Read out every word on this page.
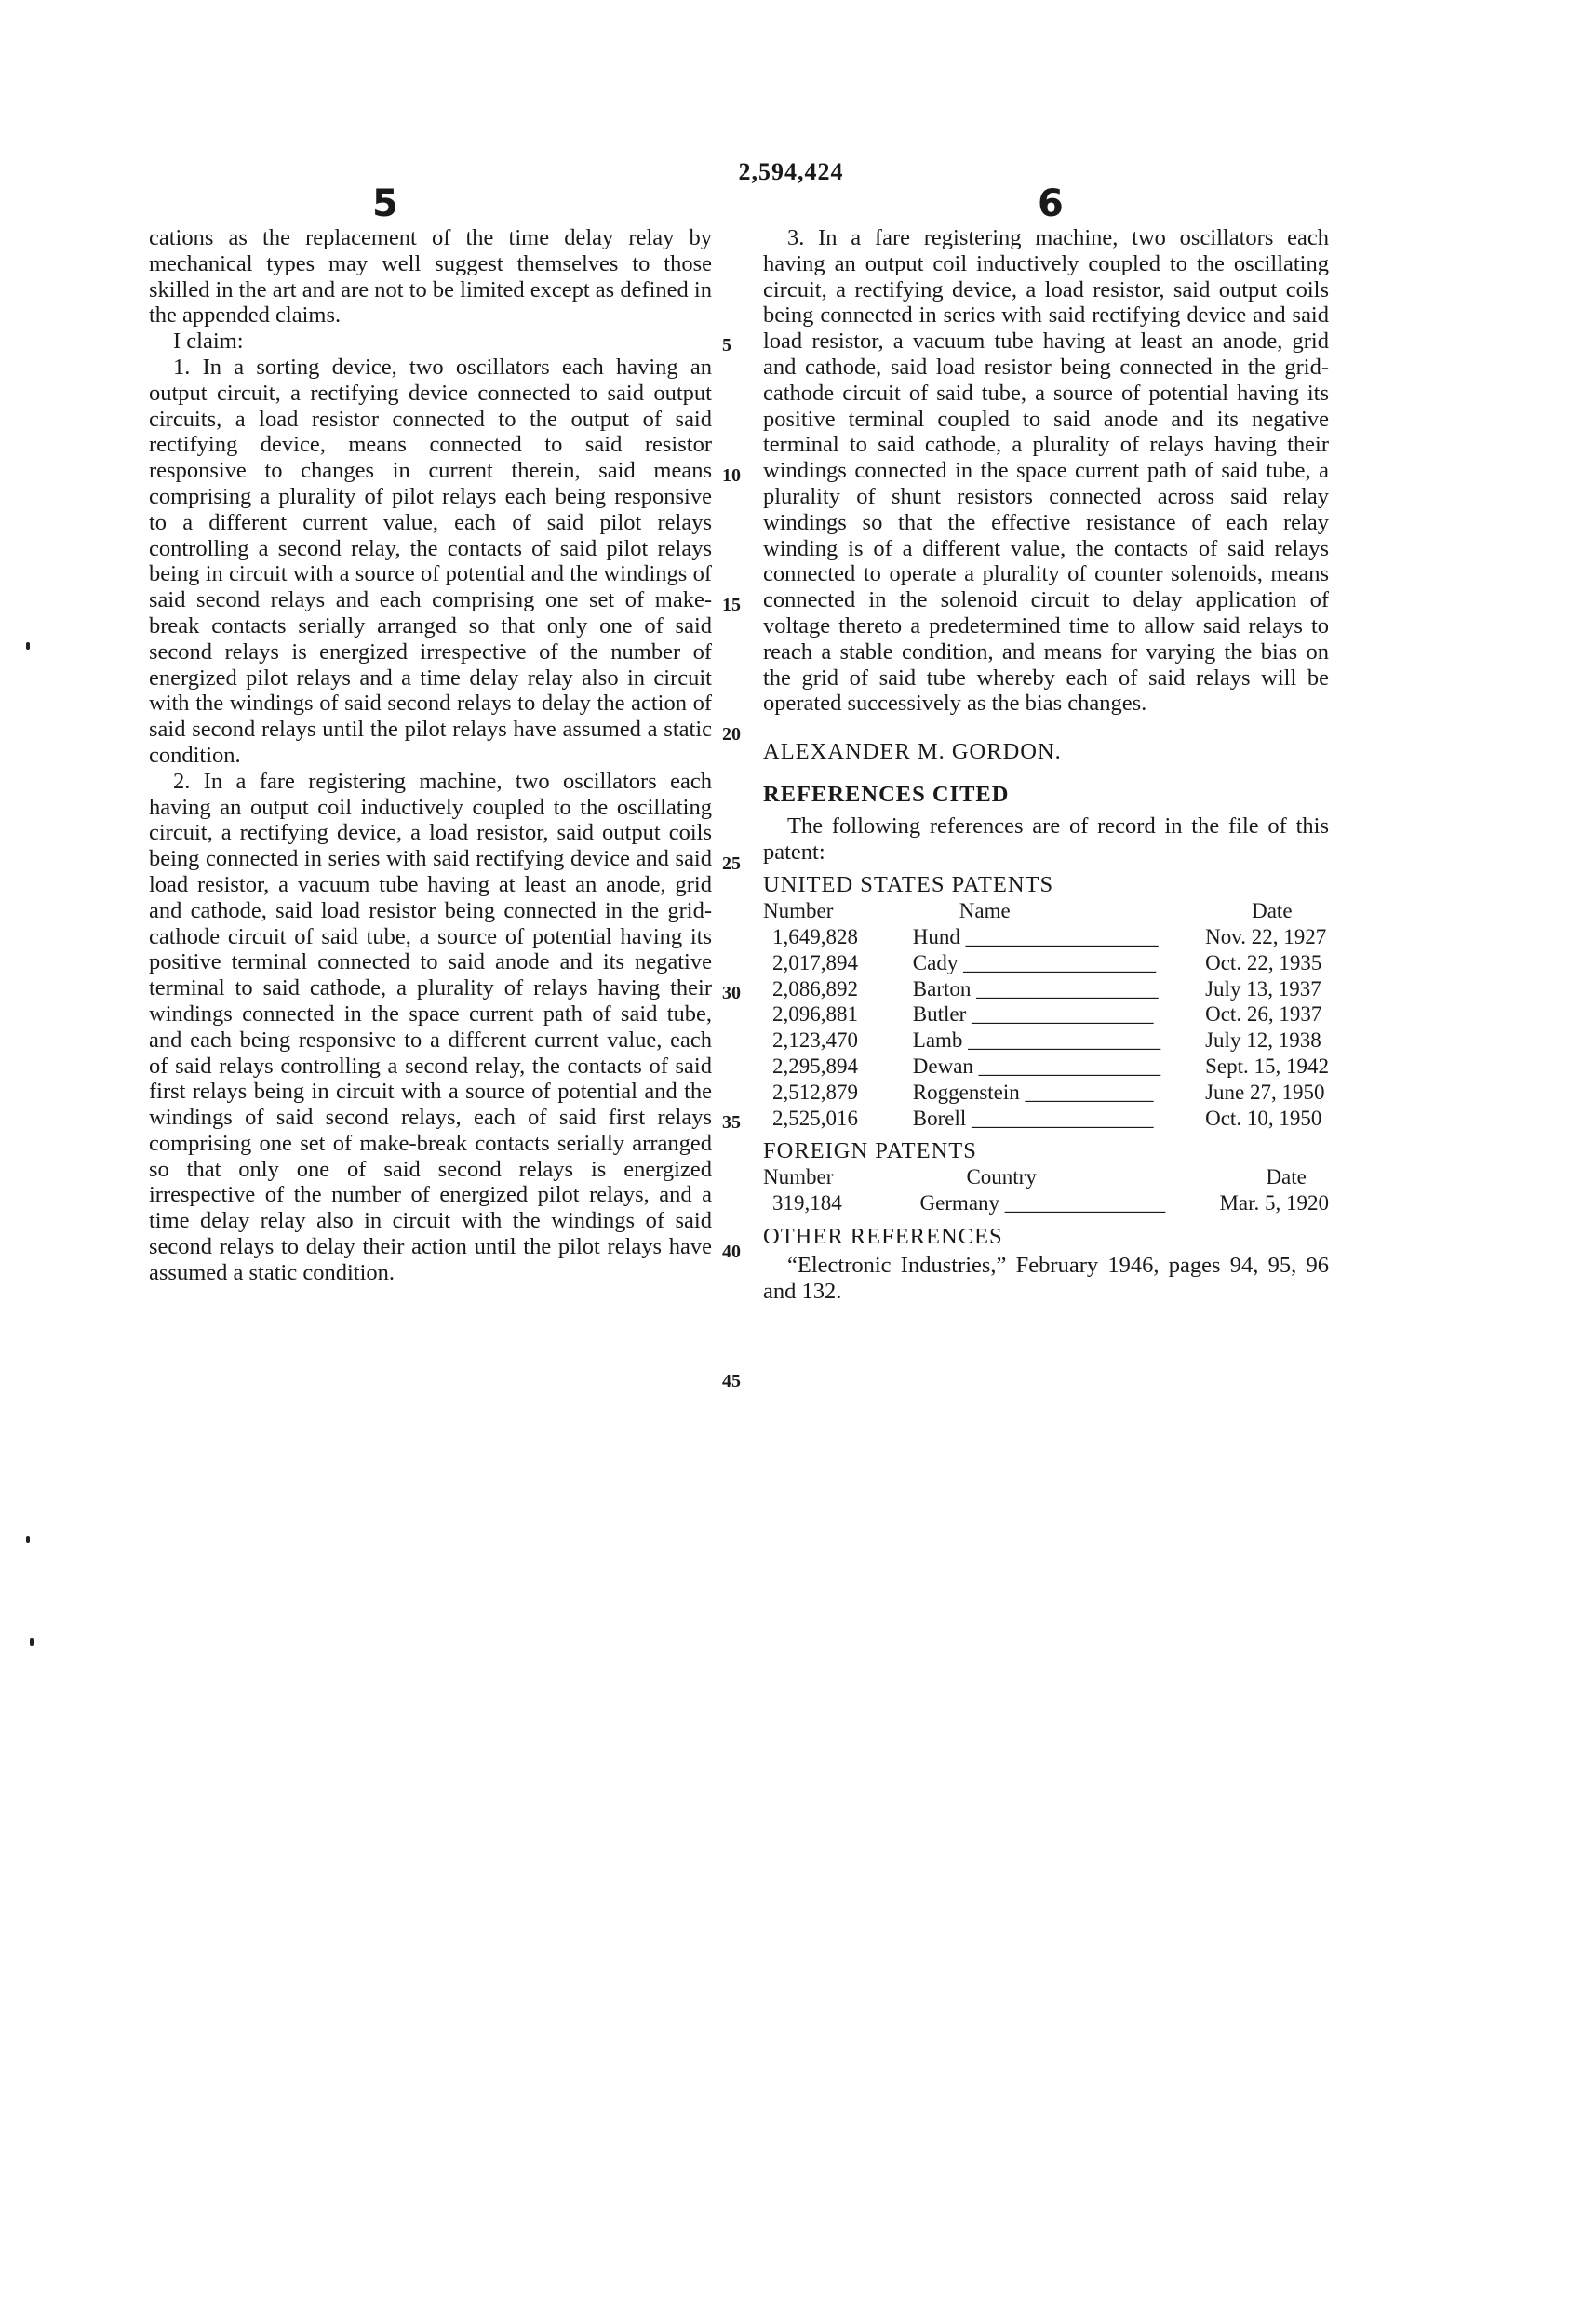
2,594,424
5	6

cations as the replacement of the time delay relay by mechanical types may well suggest themselves to those skilled in the art and are not to be limited except as defined in the appended claims.

I claim:

1. In a sorting device, two oscillators each having an output circuit, a rectifying device connected to said output circuits, a load resistor connected to the output of said rectifying device, means connected to said resistor responsive to changes in current therein, said means comprising a plurality of pilot relays each being responsive to a different current value, each of said pilot relays controlling a second relay, the contacts of said pilot relays being in circuit with a source of potential and the windings of said second relays and each comprising one set of make-break contacts serially arranged so that only one of said second relays is energized irrespective of the number of energized pilot relays and a time delay relay also in circuit with the windings of said second relays to delay the action of said second relays until the pilot relays have assumed a static condition.

2. In a fare registering machine, two oscillators each having an output coil inductively coupled to the oscillating circuit, a rectifying device, a load resistor, said output coils being connected in series with said rectifying device and said load resistor, a vacuum tube having at least an anode, grid and cathode, said load resistor being connected in the grid-cathode circuit of said tube, a source of potential having its positive terminal connected to said anode and its negative terminal to said cathode, a plurality of relays having their windings connected in the space current path of said tube, and each being responsive to a different current value, each of said relays controlling a second relay, the contacts of said first relays being in circuit with a source of potential and the windings of said second relays, each of said first relays comprising one set of make-break contacts serially arranged so that only one of said second relays is energized irrespective of the number of energized pilot relays, and a time delay relay also in circuit with the windings of said second relays to delay their action until the pilot relays have assumed a static condition.

5
10
15
20
25
30
35
40
45

3. In a fare registering machine, two oscillators each having an output coil inductively coupled to the oscillating circuit, a rectifying device, a load resistor, said output coils being connected in series with said rectifying device and said load resistor, a vacuum tube having at least an anode, grid and cathode, said load resistor being connected in the grid-cathode circuit of said tube, a source of potential having its positive terminal coupled to said anode and its negative terminal to said cathode, a plurality of relays having their windings connected in the space current path of said tube, a plurality of shunt resistors connected across said relay windings so that the effective resistance of each relay winding is of a different value, the contacts of said relays connected to operate a plurality of counter solenoids, means connected in the solenoid circuit to delay application of voltage thereto a predetermined time to allow said relays to reach a stable condition, and means for varying the bias on the grid of said tube whereby each of said relays will be operated successively as the bias changes.

ALEXANDER M. GORDON.

REFERENCES CITED

The following references are of record in the file of this patent:

UNITED STATES PATENTS

Number	Name	Date
1,649,828	Hund __________________	Nov. 22, 1927
2,017,894	Cady __________________	Oct. 22, 1935
2,086,892	Barton _________________	July 13, 1937
2,096,881	Butler _________________	Oct. 26, 1937
2,123,470	Lamb __________________	July 12, 1938
2,295,894	Dewan _________________	Sept. 15, 1942
2,512,879	Roggenstein ____________	June 27, 1950
2,525,016	Borell _________________	Oct. 10, 1950

FOREIGN PATENTS

Number	Country	Date
319,184	Germany _______________	Mar. 5, 1920

OTHER REFERENCES

“Electronic Industries,” February 1946, pages 94, 95, 96 and 132.
